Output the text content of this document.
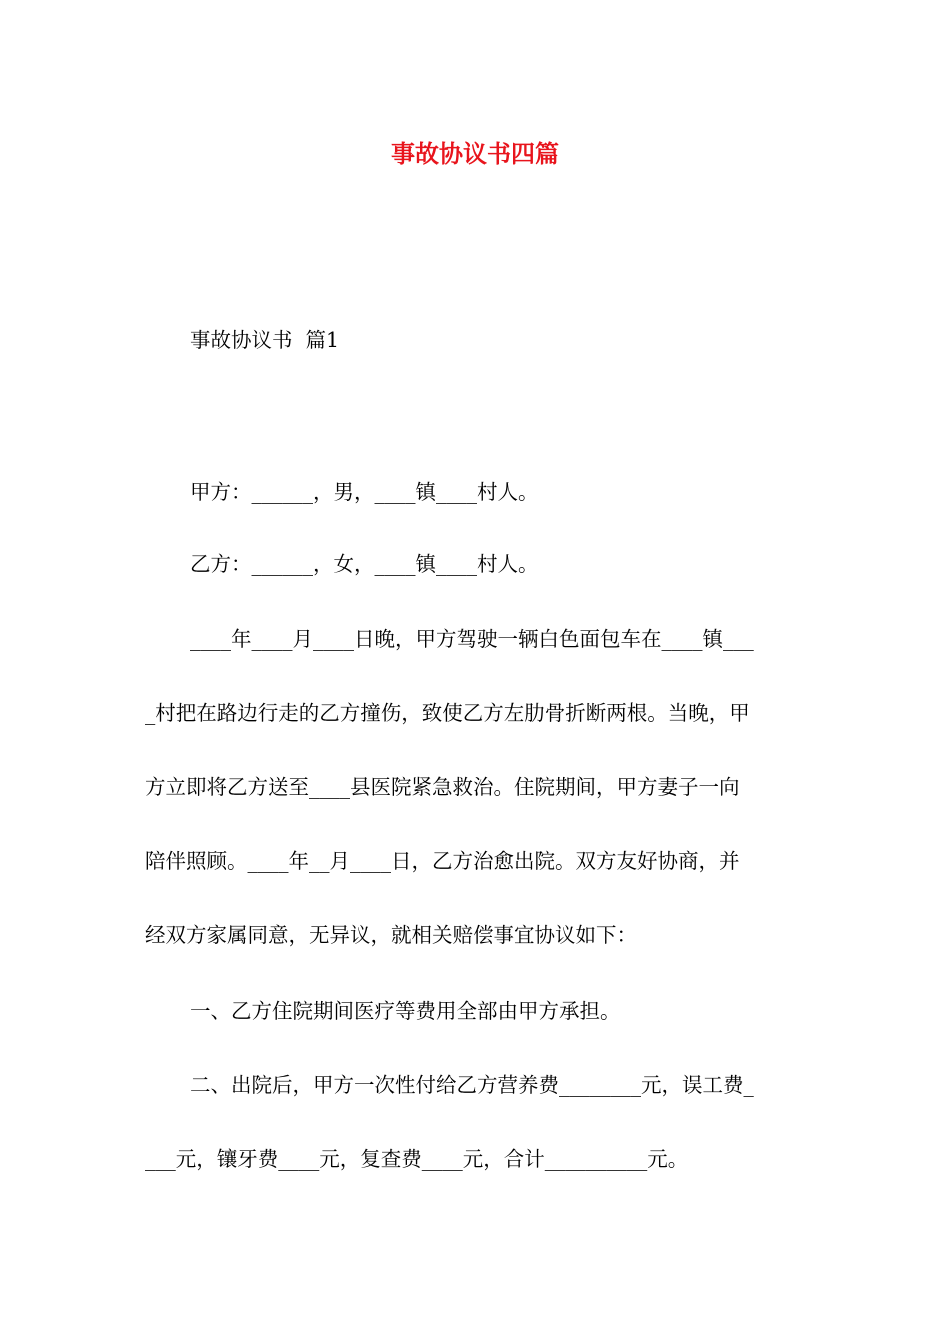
事故协议书四篇
事故协议书  篇1
甲方：______，男，____镇____村人。
乙方：______，女，____镇____村人。
____年____月____日晚，甲方驾驶一辆白色面包车在____镇___
_村把在路边行走的乙方撞伤，致使乙方左肋骨折断两根。当晚，甲
方立即将乙方送至____县医院紧急救治。住院期间，甲方妻子一向
陪伴照顾。____年__月____日，乙方治愈出院。双方友好协商，并
经双方家属同意，无异议，就相关赔偿事宜协议如下：
一、乙方住院期间医疗等费用全部由甲方承担。
二、出院后，甲方一次性付给乙方营养费________元，误工费_
___元，镶牙费____元，复查费____元，合计__________元。
